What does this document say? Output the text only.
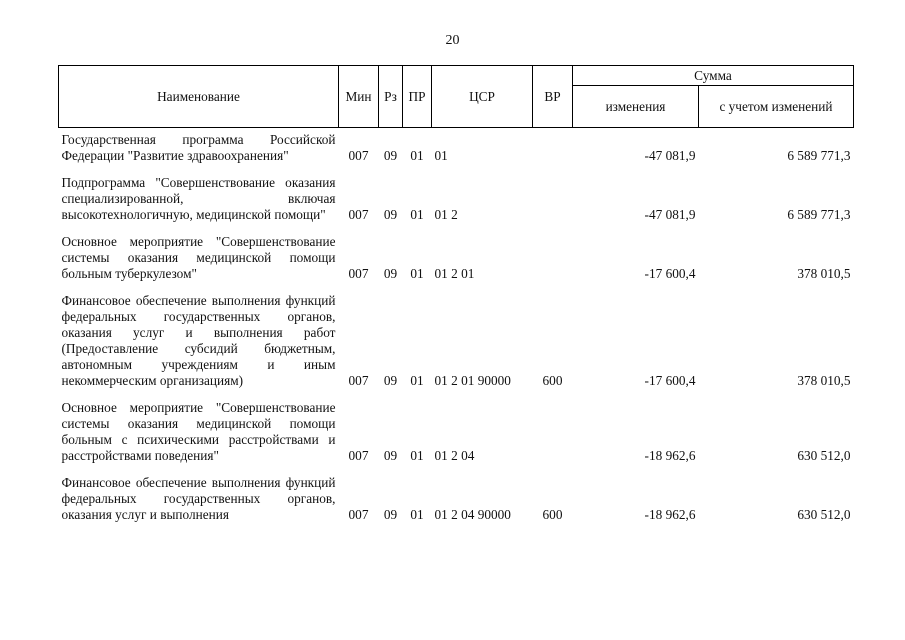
20
Наименование	Мин	Рз	ПР	ЦСР	ВР	Сумма	
						изменения	с учетом изменений
Государственная программа Российской Федерации "Развитие здравоохранения"	007	09	01	01		-47 081,9	6 589 771,3
Подпрограмма "Совершенствование оказания специализированной, включая высокотехнологичную, медицинской помощи"	007	09	01	01 2		-47 081,9	6 589 771,3
Основное мероприятие "Совершенствование системы оказания медицинской помощи больным туберкулезом"	007	09	01	01 2 01		-17 600,4	378 010,5
Финансовое обеспечение выполнения функций федеральных государственных органов, оказания услуг и выполнения работ (Предоставление субсидий бюджетным, автономным учреждениям и иным некоммерческим организациям)	007	09	01	01 2 01 90000	600	-17 600,4	378 010,5
Основное мероприятие "Совершенствование системы оказания медицинской помощи больным с психическими расстройствами и расстройствами поведения"	007	09	01	01 2 04		-18 962,6	630 512,0
Финансовое обеспечение выполнения функций федеральных государственных органов, оказания услуг и выполнения	007	09	01	01 2 04 90000	600	-18 962,6	630 512,0
